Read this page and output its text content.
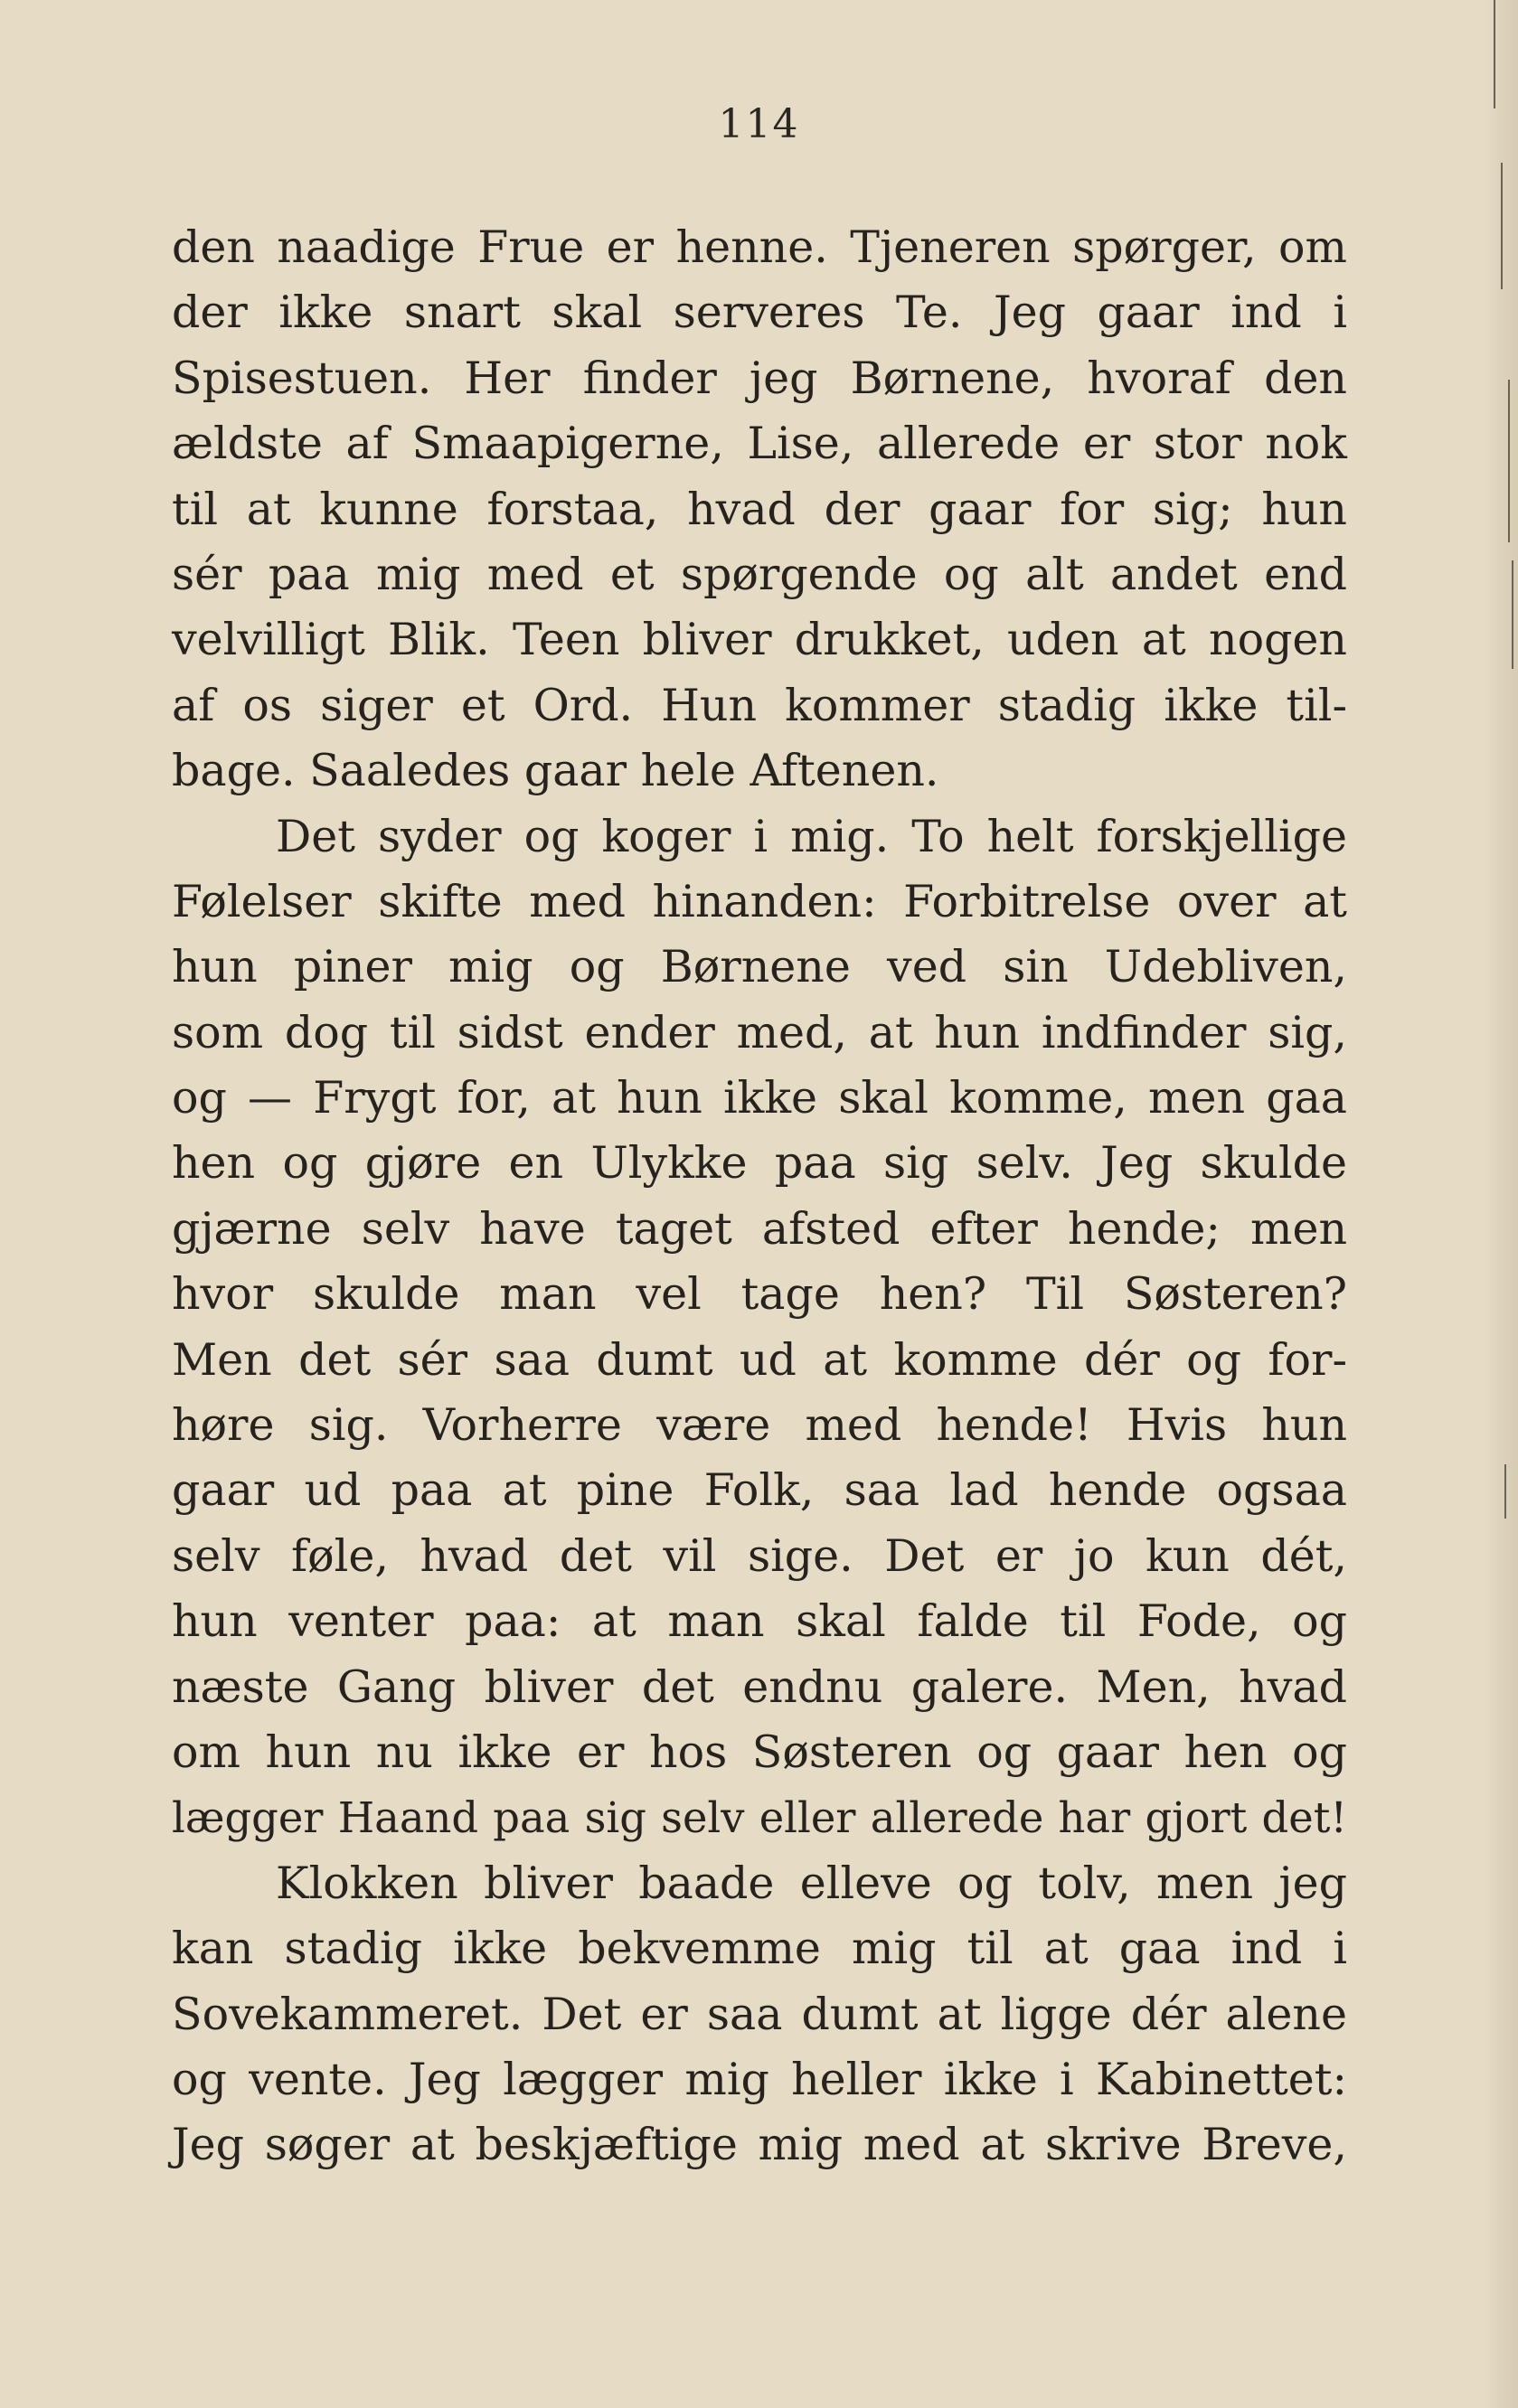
114
den naadige Frue er henne. Tjeneren spørger, om
der ikke snart skal serveres Te. Jeg gaar ind i
Spisestuen. Her finder jeg Børnene, hvoraf den
ældste af Smaapigerne, Lise, allerede er stor nok
til at kunne forstaa, hvad der gaar for sig; hun
sér paa mig med et spørgende og alt andet end
velvilligt Blik. Teen bliver drukket, uden at nogen
af os siger et Ord. Hun kommer stadig ikke til-
bage. Saaledes gaar hele Aftenen.
Det syder og koger i mig. To helt forskjellige
Følelser skifte med hinanden: Forbitrelse over at
hun piner mig og Børnene ved sin Udebliven,
som dog til sidst ender med, at hun indfinder sig,
og — Frygt for, at hun ikke skal komme, men gaa
hen og gjøre en Ulykke paa sig selv. Jeg skulde
gjærne selv have taget afsted efter hende; men
hvor skulde man vel tage hen? Til Søsteren?
Men det sér saa dumt ud at komme dér og for-
høre sig. Vorherre være med hende! Hvis hun
gaar ud paa at pine Folk, saa lad hende ogsaa
selv føle, hvad det vil sige. Det er jo kun dét,
hun venter paa: at man skal falde til Fode, og
næste Gang bliver det endnu galere. Men, hvad
om hun nu ikke er hos Søsteren og gaar hen og
lægger Haand paa sig selv eller allerede har gjort det!
Klokken bliver baade elleve og tolv, men jeg
kan stadig ikke bekvemme mig til at gaa ind i
Sovekammeret. Det er saa dumt at ligge dér alene
og vente. Jeg lægger mig heller ikke i Kabinettet:
Jeg søger at beskjæftige mig med at skrive Breve,
